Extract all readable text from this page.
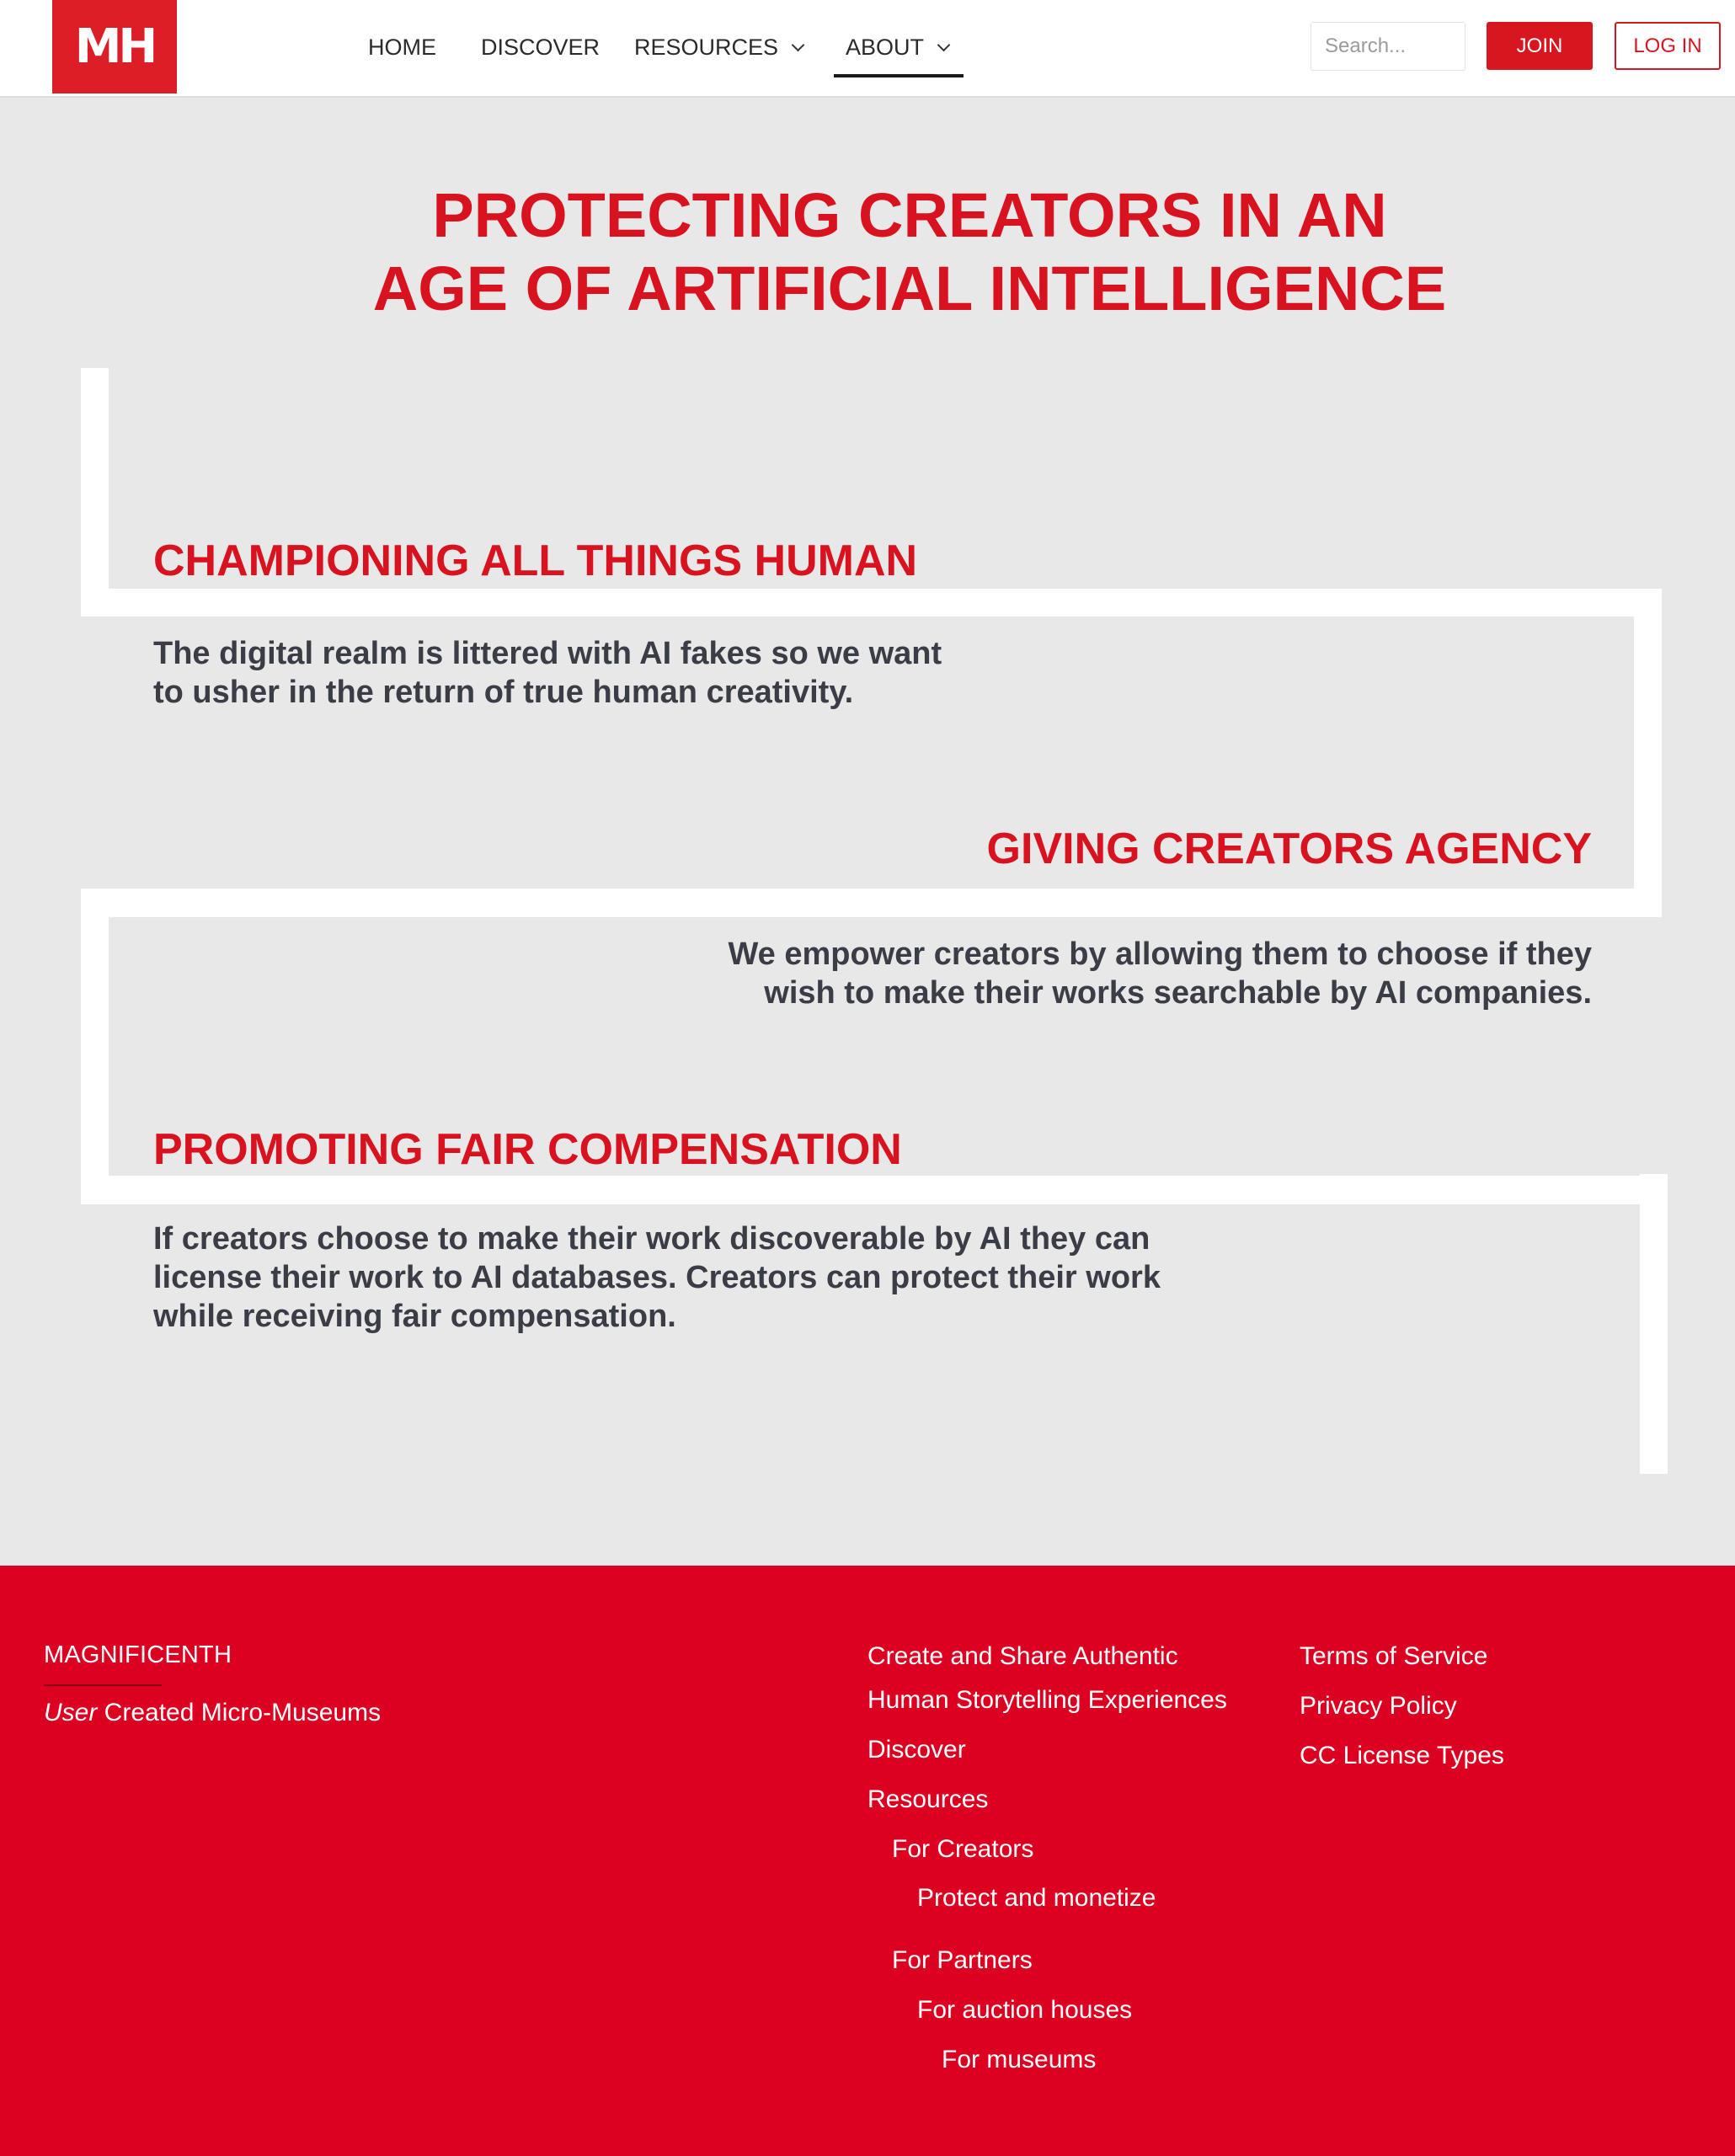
MH	HOME DISCOVER RESOURCES	ABOUT
Search...	JOIN	LOG IN
PROTECTING CREATORS IN AN
AGE OF ARTIFICIAL INTELLIGENCE
CHAMPIONING ALL THINGS HUMAN

The digital realm is littered with AI fakes so we want
to usher in the return of true human creativity.

GIVING CREATORS AGENCY

We empower creators by allowing them to choose if they
wish to make their works searchable by AI companies.

PROMOTING FAIR COMPENSATION

If creators choose to make their work discoverable by AI they can
license their work to AI databases. Creators can protect their work
while receiving fair compensation.

MAGNIFICENTH
User Created Micro-Museums
Create and Share Authentic
Human Storytelling Experiences
Discover
Resources
For Creators
Protect and monetize
For Partners
For auction houses
For museums
Terms of Service
Privacy Policy
CC License Types
